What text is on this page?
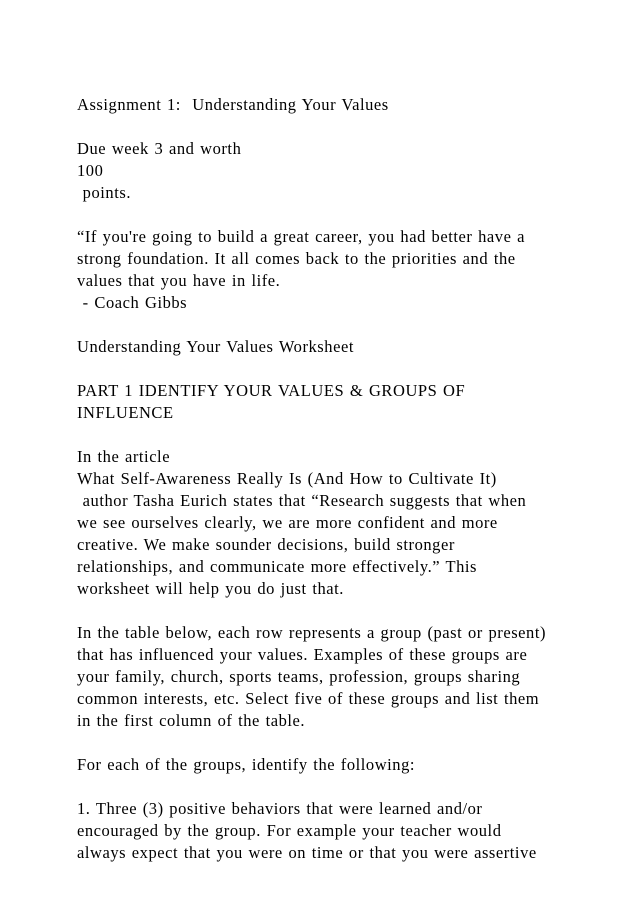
Assignment 1:  Understanding Your Values
Due week 3 and worth
100
points.
“If you're going to build a great career, you had better have a
strong foundation. It all comes back to the priorities and the
values that you have in life.
- Coach Gibbs
Understanding Your Values Worksheet
PART 1 IDENTIFY YOUR VALUES & GROUPS OF
INFLUENCE
In the article
What Self-Awareness Really Is (And How to Cultivate It)
author Tasha Eurich states that “Research suggests that when
we see ourselves clearly, we are more confident and more
creative. We make sounder decisions, build stronger
relationships, and communicate more effectively.” This
worksheet will help you do just that.
In the table below, each row represents a group (past or present)
that has influenced your values. Examples of these groups are
your family, church, sports teams, profession, groups sharing
common interests, etc. Select five of these groups and list them
in the first column of the table.
For each of the groups, identify the following:
1. Three (3) positive behaviors that were learned and/or
encouraged by the group. For example your teacher would
always expect that you were on time or that you were assertive
